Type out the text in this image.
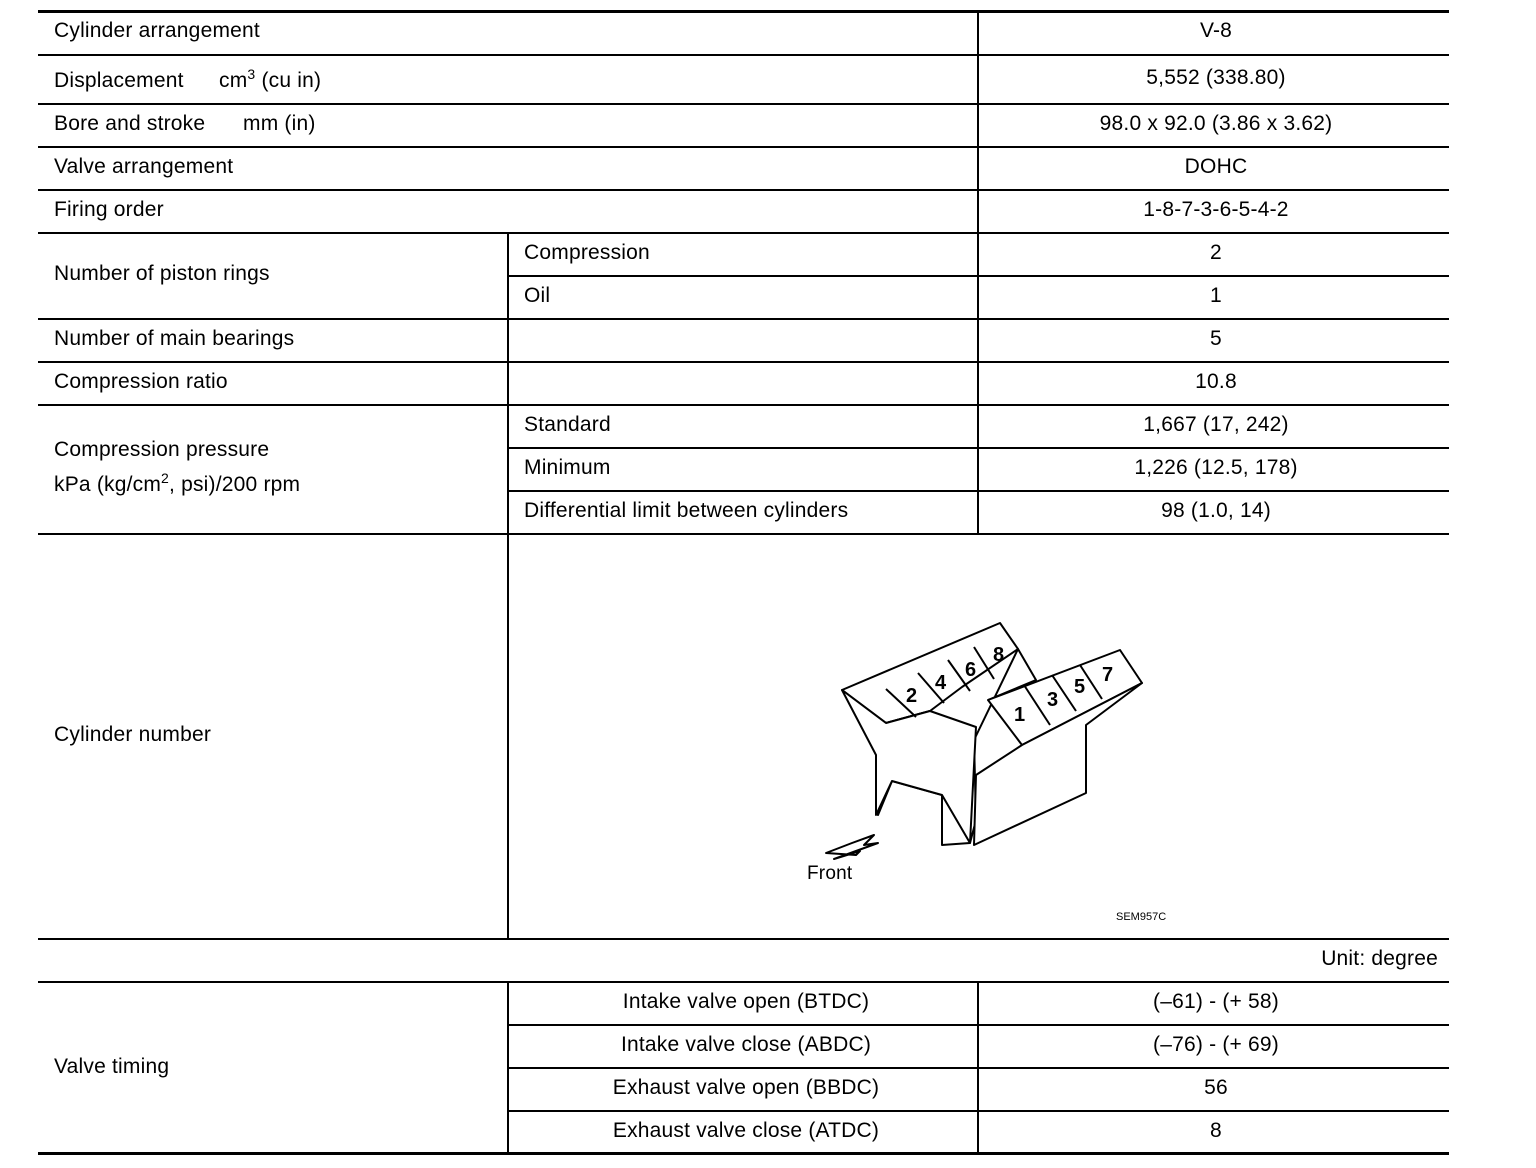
Cylinder arrangement	V-8
Displacement $cm^3$ (cu in)	5,552 (338.80)
Bore and stroke mm (in)	98.0 x 92.0 (3.86 x 3.62)
Valve arrangement	DOHC
Firing order	1-8-7-3-6-5-4-2
Number of piston rings
Compression	2
Oil	1
Number of main bearings	5
Compression ratio	10.8
Compression pressure
kPa ($kg/cm^2$, psi)/200 rpm
Standard	1,667 (17, 242)
Minimum	1,226 (12.5, 178)
Differential limit between cylinders	98 (1.0, 14)
Cylinder number
2
4
6
8
1
3
5
7
Front
SEM957C
Unit: degree
Valve timing
Intake valve open (BTDC)	(–61) - (+ 58)
Intake valve close (ABDC)	(–76) - (+ 69)
Exhaust valve open (BBDC)	56
Exhaust valve close (ATDC)	8
